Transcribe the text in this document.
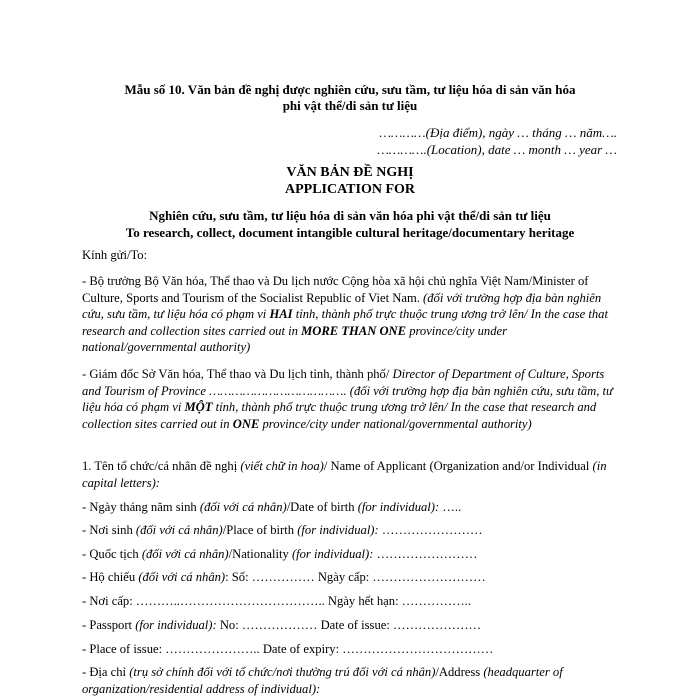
Mẫu số 10. Văn bản đề nghị được nghiên cứu, sưu tầm, tư liệu hóa di sản văn hóa
phi vật thể/di sản tư liệu
…………(Địa điểm), ngày … tháng … năm….
………….(Location), date … month … year …
VĂN BẢN ĐỀ NGHỊ
APPLICATION FOR
Nghiên cứu, sưu tầm, tư liệu hóa di sản văn hóa phi vật thể/di sản tư liệu
To research, collect, document intangible cultural heritage/documentary heritage
Kính gửi/To:
- Bộ trưởng Bộ Văn hóa, Thể thao và Du lịch nước Cộng hòa xã hội chủ nghĩa Việt Nam/Minister of Culture, Sports and Tourism of the Socialist Republic of Viet Nam. (đối với trường hợp địa bàn nghiên cứu, sưu tầm, tư liệu hóa có phạm vi HAI tỉnh, thành phố trực thuộc trung ương trở lên/ In the case that research and collection sites carried out in MORE THAN ONE province/city under national/governmental authority)
- Giám đốc Sở Văn hóa, Thể thao và Du lịch tỉnh, thành phố/ Director of Department of Culture, Sports and Tourism of Province ………………………………. (đối với trường hợp địa bàn nghiên cứu, sưu tầm, tư liệu hóa có phạm vi MỘT tỉnh, thành phố trực thuộc trung ương trở lên/ In the case that research and collection sites carried out in ONE province/city under national/governmental authority)
1. Tên tổ chức/cá nhân đề nghị (viết chữ in hoa)/ Name of Applicant (Organization and/or Individual (in capital letters):
- Ngày tháng năm sinh (đối với cá nhân)/Date of birth (for individual): …..
- Nơi sinh (đối với cá nhân)/Place of birth (for individual): ……………………
- Quốc tịch (đối với cá nhân)/Nationality (for individual): ……………………
- Hộ chiếu (đối với cá nhân): Số: …………… Ngày cấp: ………………………
- Nơi cấp: ………..…………………………….. Ngày hết hạn: ……………..
- Passport (for individual): No: ……………… Date of issue: …………………
- Place of issue: ………………….. Date of expiry: ………………………………
- Địa chỉ (trụ sở chính đối với tổ chức/nơi thường trú đối với cá nhân)/Address (headquarter of organization/residential address of individual):
